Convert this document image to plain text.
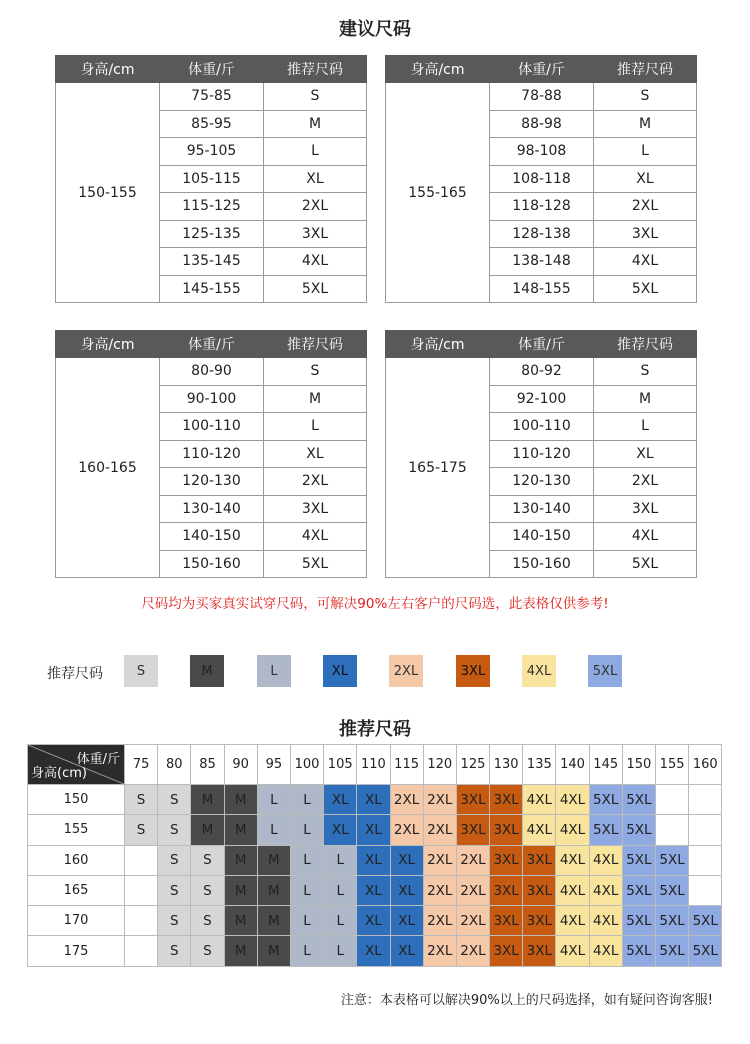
建议尺码
身高/cm	体重/斤	推荐尺码
150-155	75-85	S
	85-95	M
	95-105	L
	105-115	XL
	115-125	2XL
	125-135	3XL
	135-145	4XL
	145-155	5XL
身高/cm	体重/斤	推荐尺码
155-165	78-88	S
	88-98	M
	98-108	L
	108-118	XL
	118-128	2XL
	128-138	3XL
	138-148	4XL
	148-155	5XL
身高/cm	体重/斤	推荐尺码
160-165	80-90	S
	90-100	M
	100-110	L
	110-120	XL
	120-130	2XL
	130-140	3XL
	140-150	4XL
	150-160	5XL
身高/cm	体重/斤	推荐尺码
165-175	80-92	S
	92-100	M
	100-110	L
	110-120	XL
	120-130	2XL
	130-140	3XL
	140-150	4XL
	150-160	5XL
尺码均为买家真实试穿尺码，可解决90%左右客户的尺码选，此表格仅供参考!
推荐尺码	S	M	L	XL	2XL	3XL	4XL	5XL
推荐尺码
体重/斤
身高(cm)	75	80	85	90	95	100	105	110	115	120	125	130	135	140	145	150	155	160
150	S	S	M	M	L	L	XL	XL	2XL	2XL	3XL	3XL	4XL	4XL	5XL	5XL		
155	S	S	M	M	L	L	XL	XL	2XL	2XL	3XL	3XL	4XL	4XL	5XL	5XL		
160		S	S	M	M	L	L	XL	XL	2XL	2XL	3XL	3XL	4XL	4XL	5XL	5XL	
165		S	S	M	M	L	L	XL	XL	2XL	2XL	3XL	3XL	4XL	4XL	5XL	5XL	
170		S	S	M	M	L	L	XL	XL	2XL	2XL	3XL	3XL	4XL	4XL	5XL	5XL	5XL
175		S	S	M	M	L	L	XL	XL	2XL	2XL	3XL	3XL	4XL	4XL	5XL	5XL	5XL
注意：本表格可以解决90%以上的尺码选择，如有疑问咨询客服!
